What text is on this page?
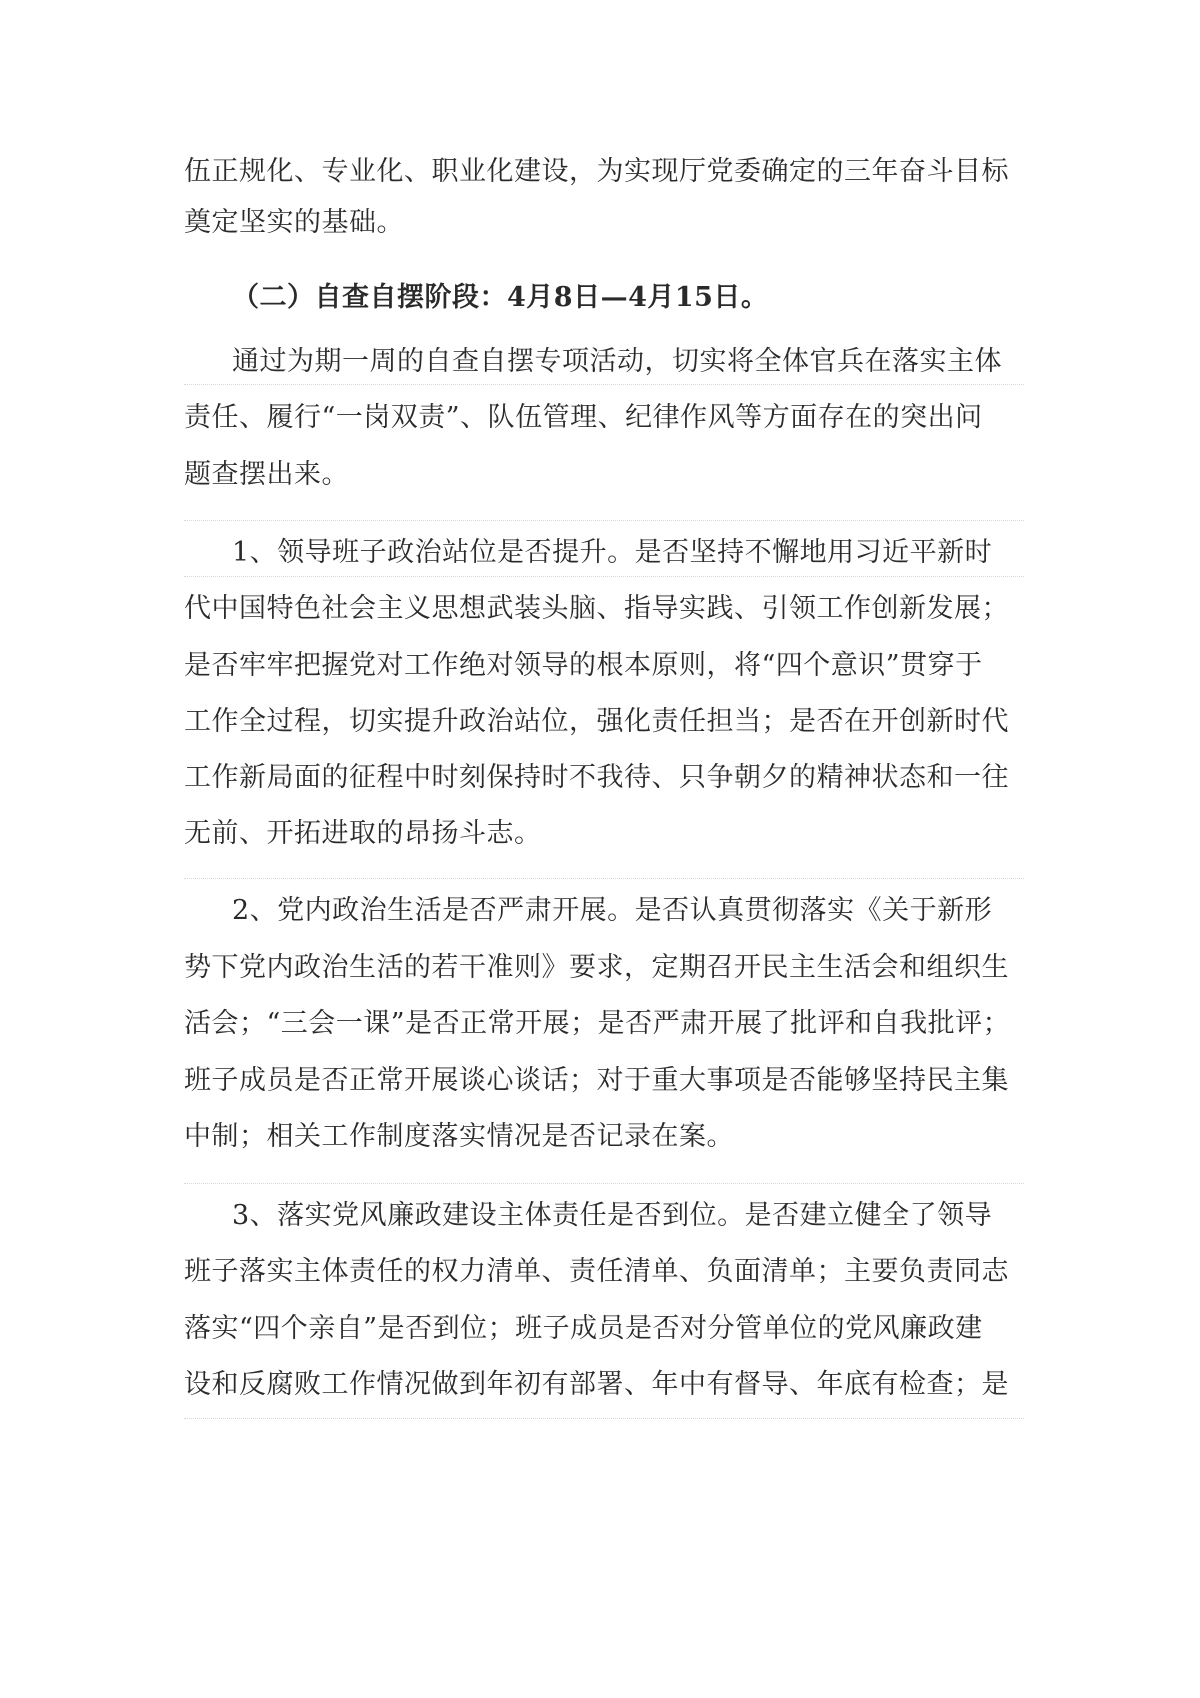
伍正规化、专业化、职业化建设，为实现厅党委确定的三年奋斗目标
奠定坚实的基础。
（二）自查自摆阶段：4月8日—4月15日。
通过为期一周的自查自摆专项活动，切实将全体官兵在落实主体
责任、履行“一岗双责”、队伍管理、纪律作风等方面存在的突出问
题查摆出来。
1、领导班子政治站位是否提升。是否坚持不懈地用习近平新时
代中国特色社会主义思想武装头脑、指导实践、引领工作创新发展；
是否牢牢把握党对工作绝对领导的根本原则，将“四个意识”贯穿于
工作全过程，切实提升政治站位，强化责任担当；是否在开创新时代
工作新局面的征程中时刻保持时不我待、只争朝夕的精神状态和一往
无前、开拓进取的昂扬斗志。
2、党内政治生活是否严肃开展。是否认真贯彻落实《关于新形
势下党内政治生活的若干准则》要求，定期召开民主生活会和组织生
活会；“三会一课”是否正常开展；是否严肃开展了批评和自我批评；
班子成员是否正常开展谈心谈话；对于重大事项是否能够坚持民主集
中制；相关工作制度落实情况是否记录在案。
3、落实党风廉政建设主体责任是否到位。是否建立健全了领导
班子落实主体责任的权力清单、责任清单、负面清单；主要负责同志
落实“四个亲自”是否到位；班子成员是否对分管单位的党风廉政建
设和反腐败工作情况做到年初有部署、年中有督导、年底有检查；是
